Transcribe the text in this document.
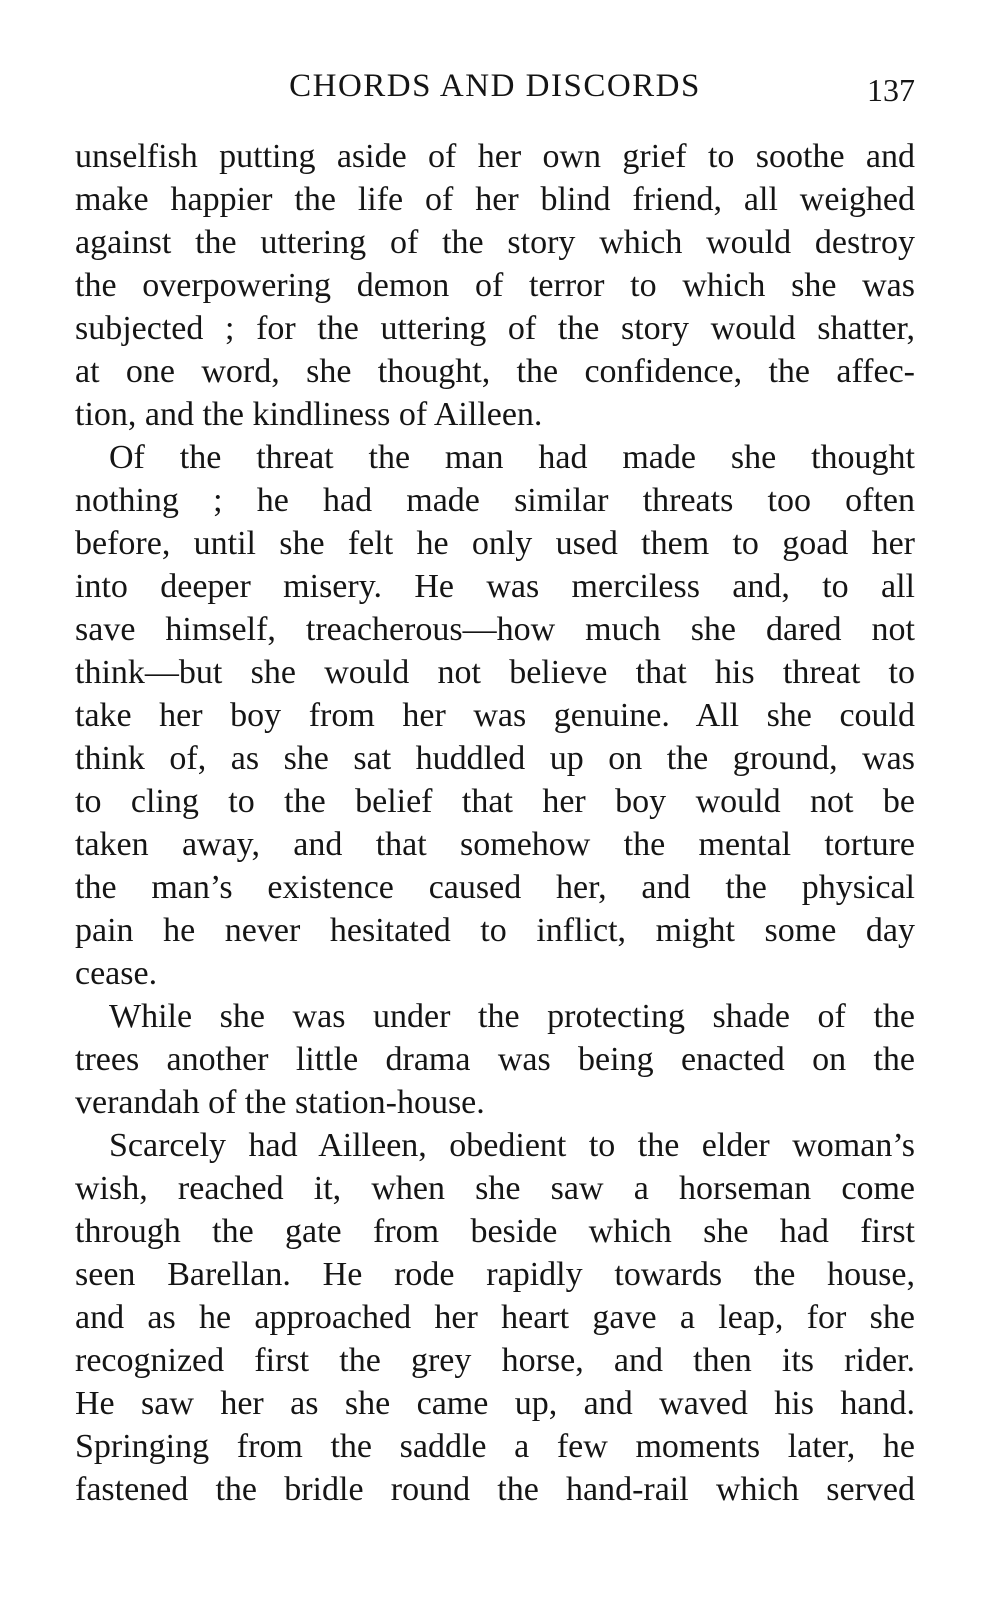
CHORDS AND DISCORDS	137
unselfish putting aside of her own grief to soothe and
make happier the life of her blind friend, all weighed
against the uttering of the story which would destroy
the overpowering demon of terror to which she was
subjected ; for the uttering of the story would shatter,
at one word, she thought, the confidence, the affec-
tion, and the kindliness of Ailleen.
Of the threat the man had made she thought
nothing ; he had made similar threats too often
before, until she felt he only used them to goad her
into deeper misery. He was merciless and, to all
save himself, treacherous—how much she dared not
think—but she would not believe that his threat to
take her boy from her was genuine. All she could
think of, as she sat huddled up on the ground, was
to cling to the belief that her boy would not be
taken away, and that somehow the mental torture
the man’s existence caused her, and the physical
pain he never hesitated to inflict, might some day
cease.
While she was under the protecting shade of the
trees another little drama was being enacted on the
verandah of the station-house.
Scarcely had Ailleen, obedient to the elder woman’s
wish, reached it, when she saw a horseman come
through the gate from beside which she had first
seen Barellan. He rode rapidly towards the house,
and as he approached her heart gave a leap, for she
recognized first the grey horse, and then its rider.
He saw her as she came up, and waved his hand.
Springing from the saddle a few moments later, he
fastened the bridle round the hand-rail which served
